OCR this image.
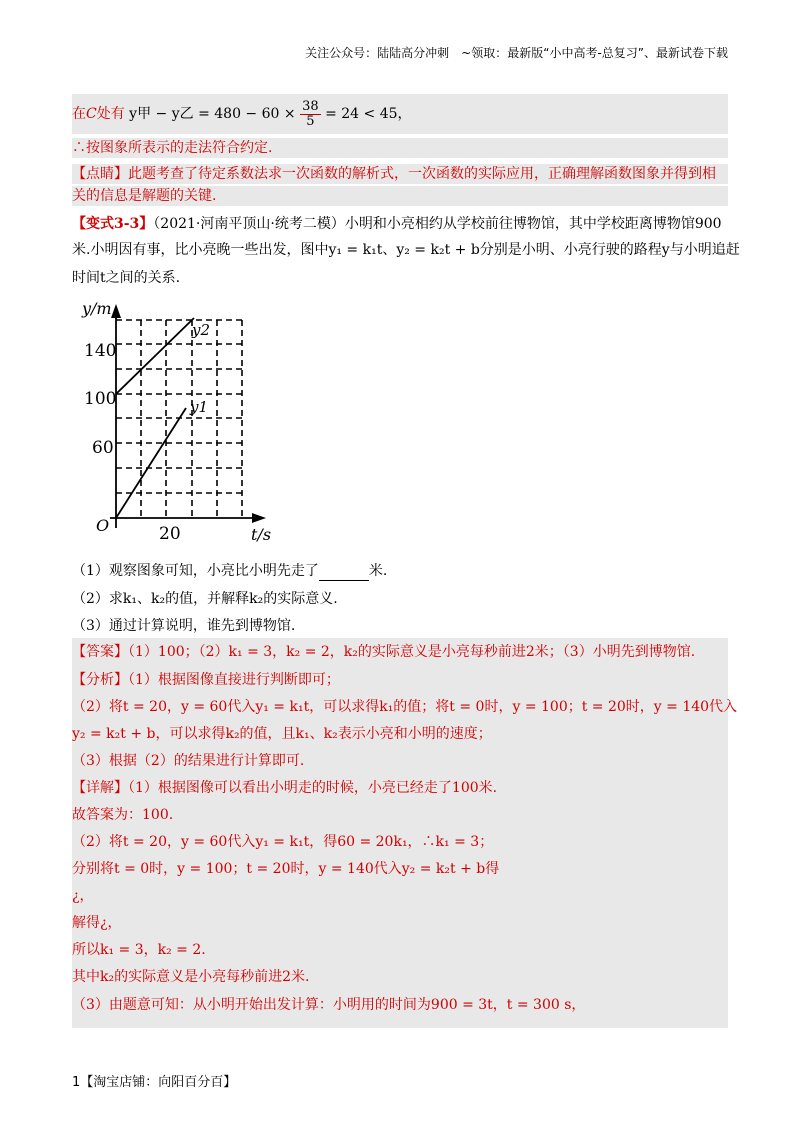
关注公众号：陆陆高分冲刺　~领取：最新版“小中高考-总复习”、最新试卷下载
在C处有 y甲 − y乙 = $480 - 60 \times \frac{38}{5} = 24 < 45$，
∴按图象所表示的走法符合约定.
【点睛】此题考查了待定系数法求一次函数的解析式，一次函数的实际应用，正确理解函数图象并得到相
关的信息是解题的关键.
【变式3-3】（2021·河南平顶山·统考二模）小明和小亮相约从学校前往博物馆，其中学校距离博物馆900
米.小明因有事，比小亮晚一些出发，图中y₁ = k₁t、y₂ = k₂t + b分别是小明、小亮行驶的路程y与小明追赶
时间t之间的关系.
y/m
t/s
O
140
100
60
20
y2
y1
（1）观察图象可知，小亮比小明先走了	米.
（2）求k₁、k₂的值，并解释k₂的实际意义.
（3）通过计算说明，谁先到博物馆.
【答案】（1）100；（2）k₁ = 3，k₂ = 2，k₂的实际意义是小亮每秒前进2米；（3）小明先到博物馆.
【分析】（1）根据图像直接进行判断即可；
（2）将t = 20，y = 60代入y₁ = k₁t，可以求得k₁的值；将t = 0时，y = 100；t = 20时，y = 140代入
y₂ = k₂t + b，可以求得k₂的值，且k₁、k₂表示小亮和小明的速度；
（3）根据（2）的结果进行计算即可.
【详解】（1）根据图像可以看出小明走的时候，小亮已经走了100米.
故答案为：100.
（2）将t = 20，y = 60代入y₁ = k₁t，得60 = 20k₁，∴k₁ = 3；
分别将t = 0时，y = 100；t = 20时，y = 140代入y₂ = k₂t + b得
¿，
解得¿，
所以k₁ = 3，k₂ = 2.
其中k₂的实际意义是小亮每秒前进2米.
（3）由题意可知：从小明开始出发计算：小明用的时间为900 = 3t，t = 300 s，
1【淘宝店铺：向阳百分百】
